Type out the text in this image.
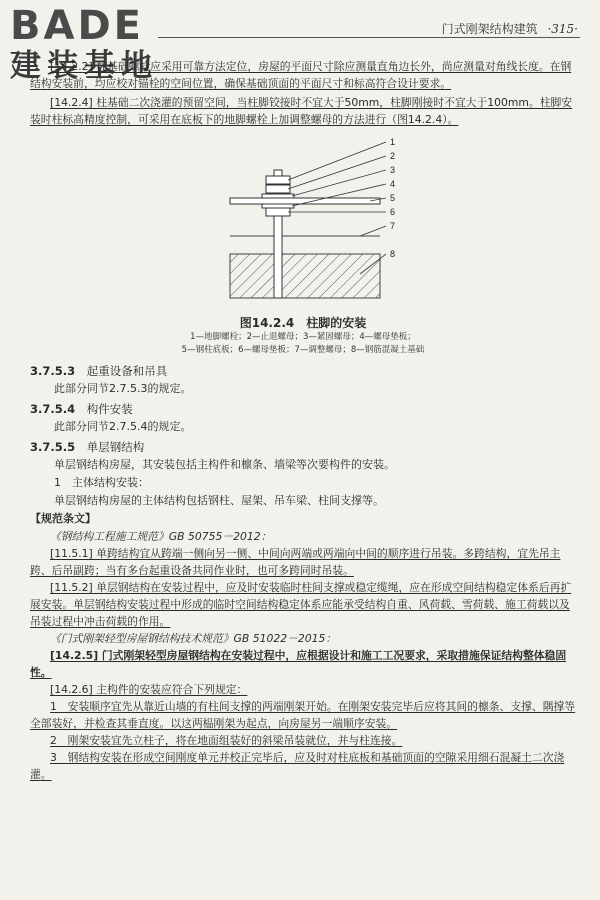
BADE
建装基地
门式刚架结构建筑 ·315·

[14.2.2] 柱基础螺栓应采用可靠方法定位，房屋的平面尺寸除应测量直角边长外，尚应测量对角线长度。在钢结构安装前，均应校对锚栓的空间位置，确保基础顶面的平面尺寸和标高符合设计要求。

[14.2.4] 柱基础二次浇灌的预留空间，当柱脚铰接时不宜大于50mm，柱脚刚接时不宜大于100mm。柱脚安装时柱标高精度控制，可采用在底板下的地脚螺栓上加调整螺母的方法进行（图14.2.4）。

1
2
3
4
5
6
7
8
图14.2.4　柱脚的安装
1—地脚螺栓；2—止退螺母；3—紧固螺母；4—螺母垫板；
5—钢柱底板；6—螺母垫板；7—调整螺母；8—钢筋混凝土基础
3.7.5.3 起重设备和吊具
此部分同节2.7.5.3的规定。
3.7.5.4 构件安装
此部分同节2.7.5.4的规定。
3.7.5.5 单层钢结构
单层钢结构房屋，其安装包括主构件和檩条、墙梁等次要构件的安装。
1　主体结构安装：
单层钢结构房屋的主体结构包括钢柱、屋架、吊车梁、柱间支撑等。
【规范条文】

《钢结构工程施工规范》GB 50755－2012：

[11.5.1] 单跨结构宜从跨端一侧向另一侧、中间向两端或两端向中间的顺序进行吊装。多跨结构，宜先吊主跨、后吊副跨；当有多台起重设备共同作业时，也可多跨同时吊装。

[11.5.2] 单层钢结构在安装过程中，应及时安装临时柱间支撑或稳定缆绳，应在形成空间结构稳定体系后再扩展安装。单层钢结构安装过程中形成的临时空间结构稳定体系应能承受结构自重、风荷载、雪荷载、施工荷载以及吊装过程中冲击荷载的作用。

《门式刚架轻型房屋钢结构技术规范》GB 51022－2015：

[14.2.5] 门式刚架轻型房屋钢结构在安装过程中，应根据设计和施工工况要求，采取措施保证结构整体稳固性。

[14.2.6] 主构件的安装应符合下列规定：

1　安装顺序宜先从靠近山墙的有柱间支撑的两端刚架开始。在刚架安装完毕后应将其间的檩条、支撑、隅撑等全部装好，并检查其垂直度。以这两榀刚架为起点，向房屋另一端顺序安装。

2　刚架安装宜先立柱子，将在地面组装好的斜梁吊装就位，并与柱连接。

3　钢结构安装在形成空间刚度单元并校正完毕后，应及时对柱底板和基础顶面的空隙采用细石混凝土二次浇灌。
